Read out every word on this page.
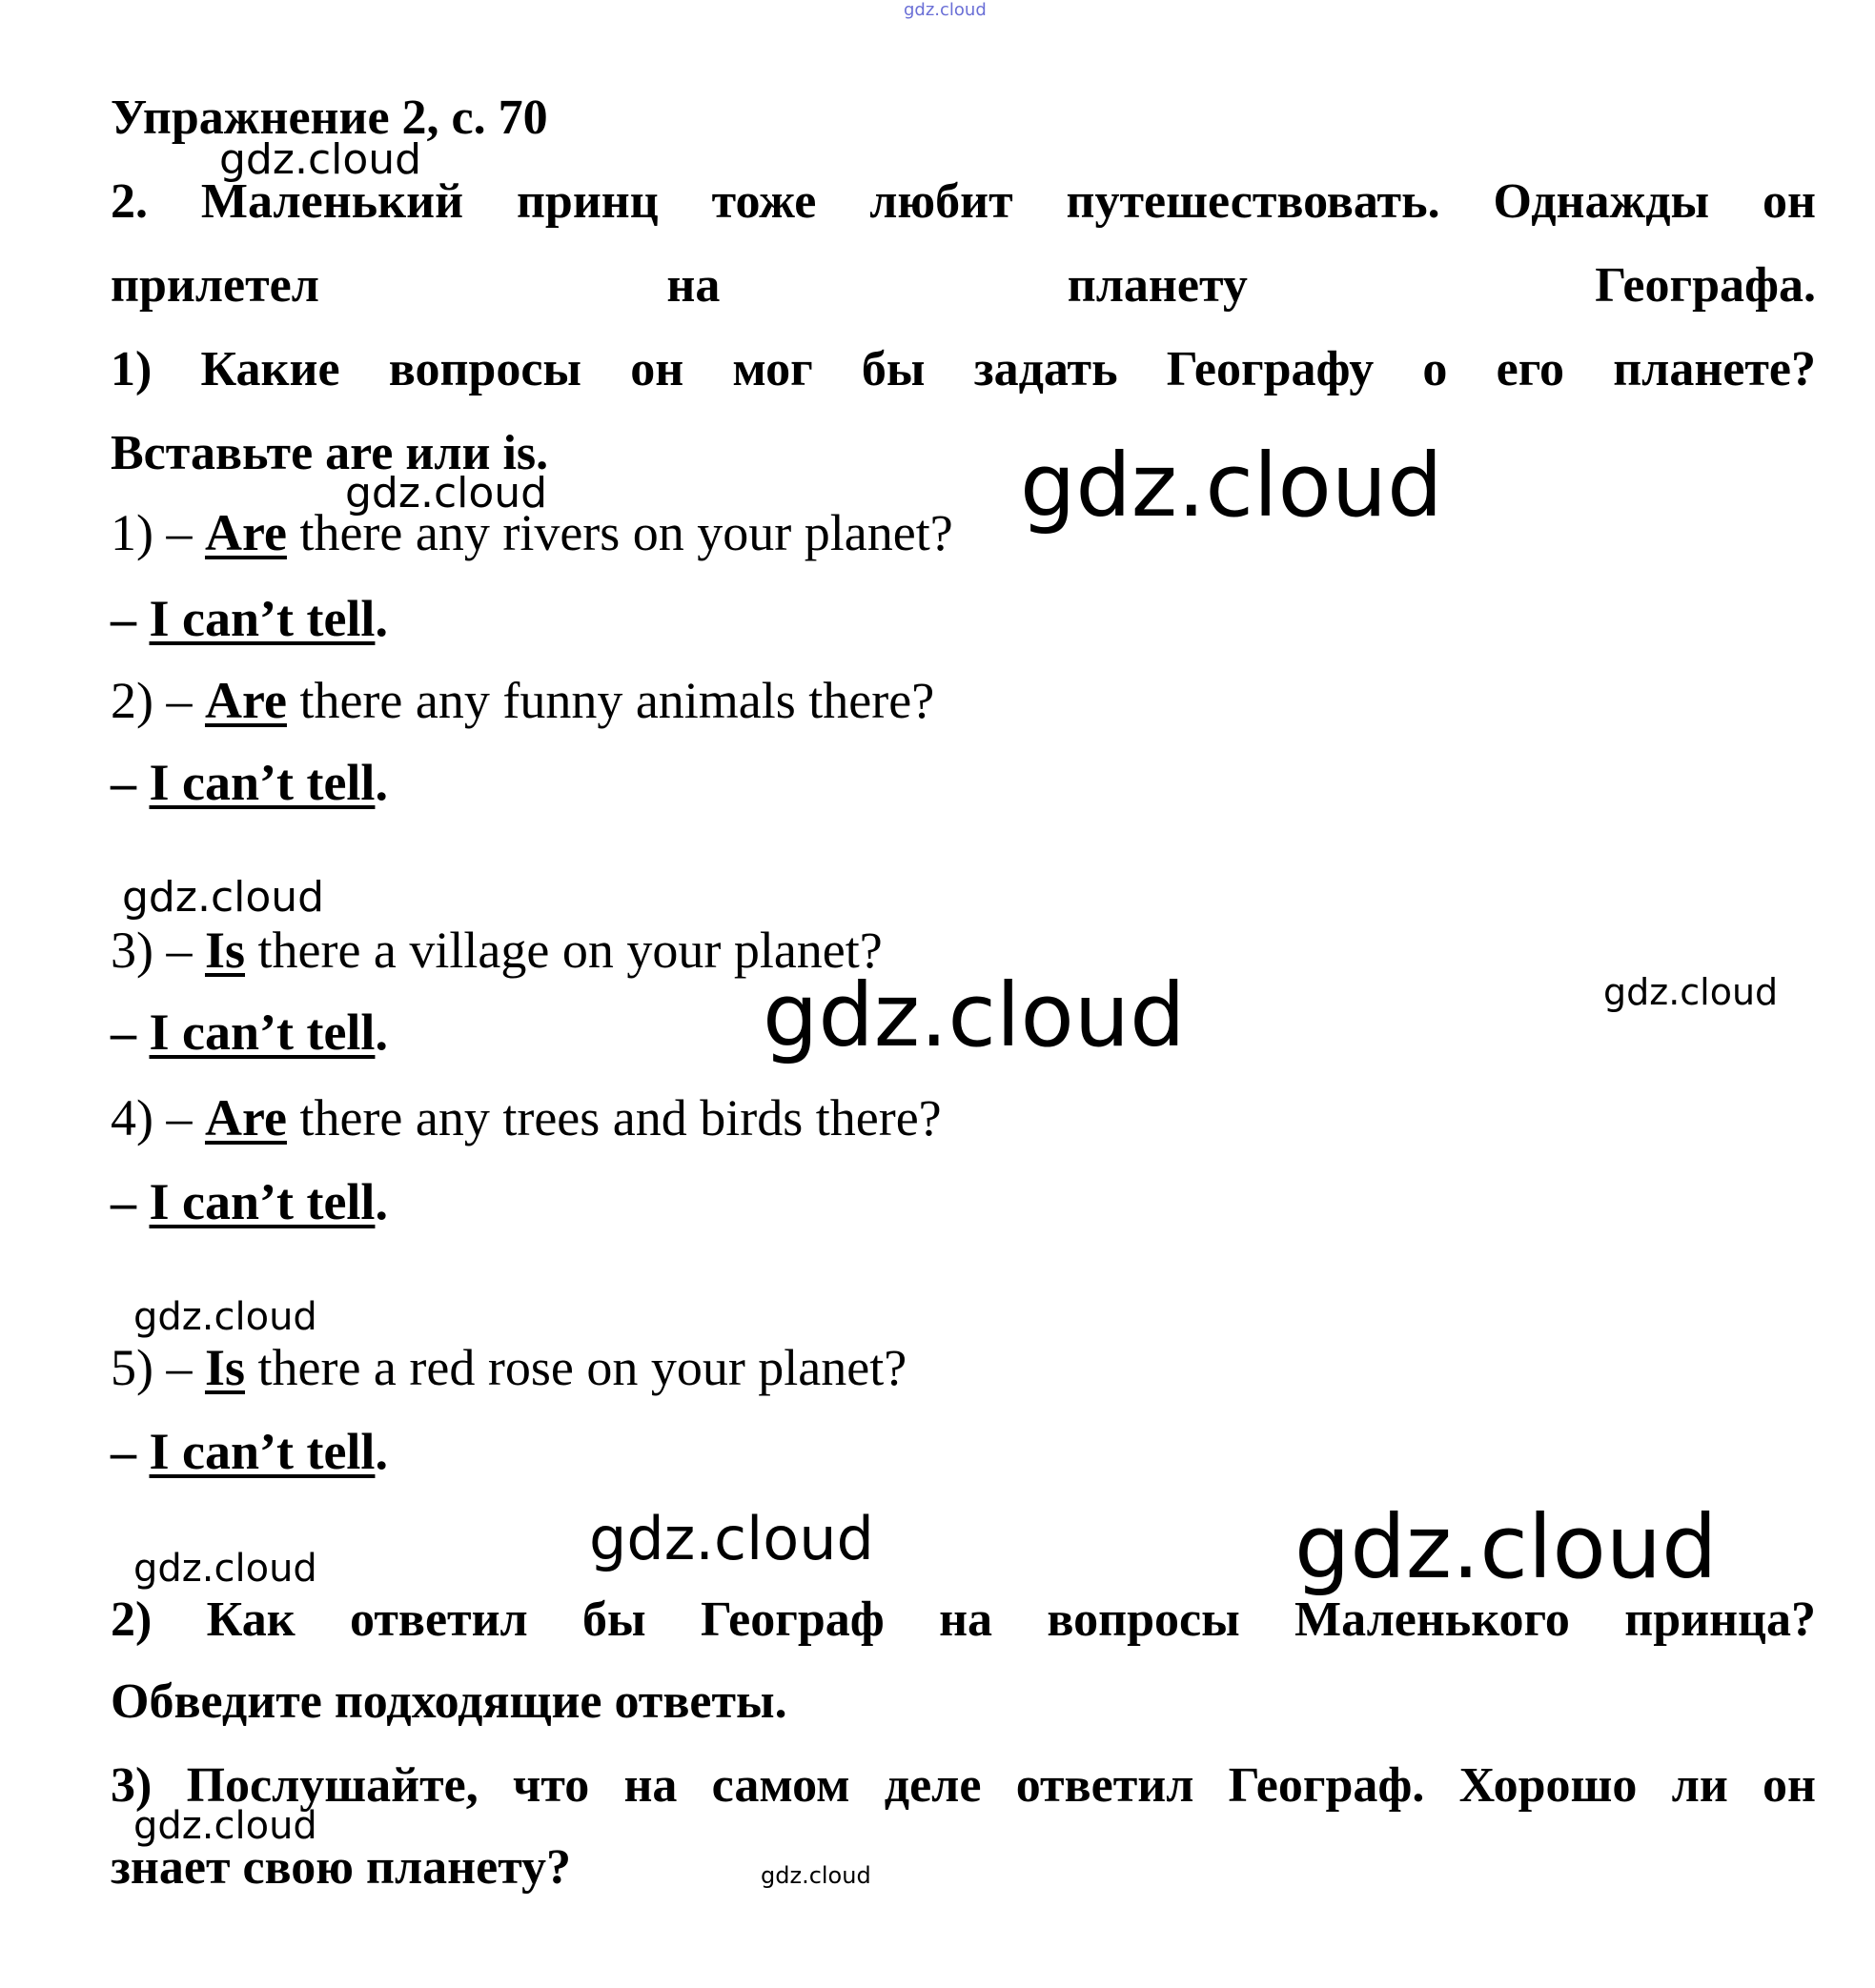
gdz.cloud
Упражнение 2, с. 70
2. Маленький принц тоже любит путешествовать. Однажды он
прилетел на планету Географа.
1) Какие вопросы он мог бы задать Географу о его планете?
Вставьте are или is.
1) – Are there any rivers on your planet?
– I can’t tell.
2) – Are there any funny animals there?
– I can’t tell.
3) – Is there a village on your planet?
– I can’t tell.
4) – Are there any trees and birds there?
– I can’t tell.
5) – Is there a red rose on your planet?
– I can’t tell.
2) Как ответил бы Географ на вопросы Маленького принца?
Обведите подходящие ответы.
3) Послушайте, что на самом деле ответил Географ. Хорошо ли он
знает свою планету?
gdz.cloud
gdz.cloud	gdz.cloud
gdz.cloud
gdz.cloud	gdz.cloud
gdz.cloud
gdz.cloud	gdz.cloud
gdz.cloud
gdz.cloud
gdz.cloud
